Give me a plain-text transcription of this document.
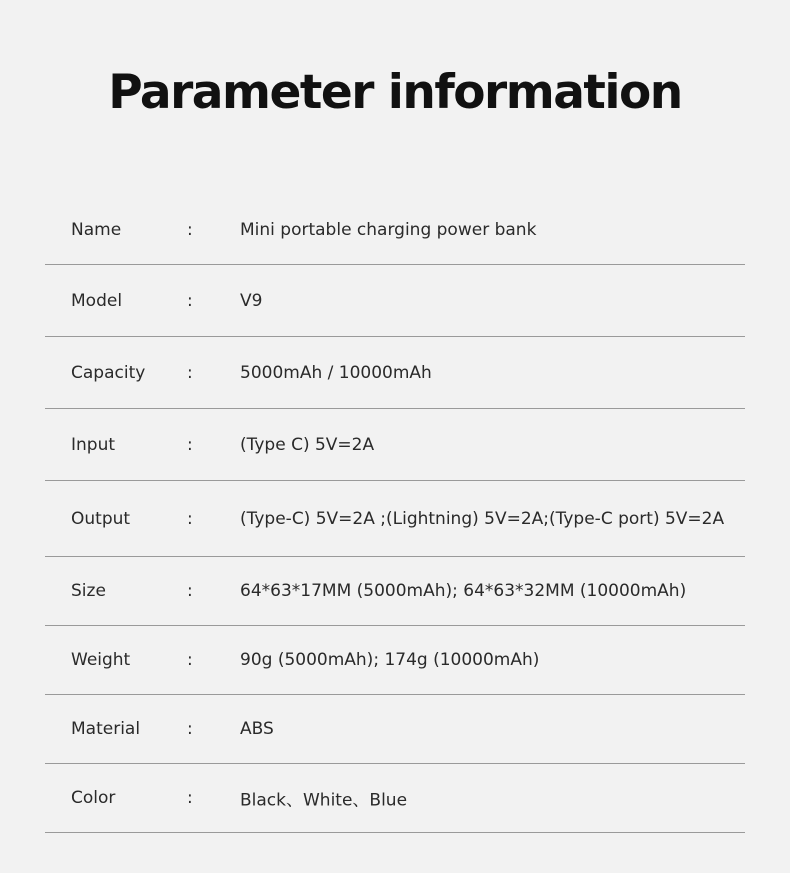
Parameter information
Name	:	Mini portable charging power bank
Model	:	V9
Capacity :	5000mAh / 10000mAh
Input	:	(Type C) 5V=2A
Output	:	(Type-C) 5V=2A ;(Lightning) 5V=2A;(Type-C port) 5V=2A
Size	:	64*63*17MM (5000mAh); 64*63*32MM (10000mAh)
Weight	:	90g (5000mAh); 174g (10000mAh)
Material	:	ABS
Color	:	Black、White、Blue
